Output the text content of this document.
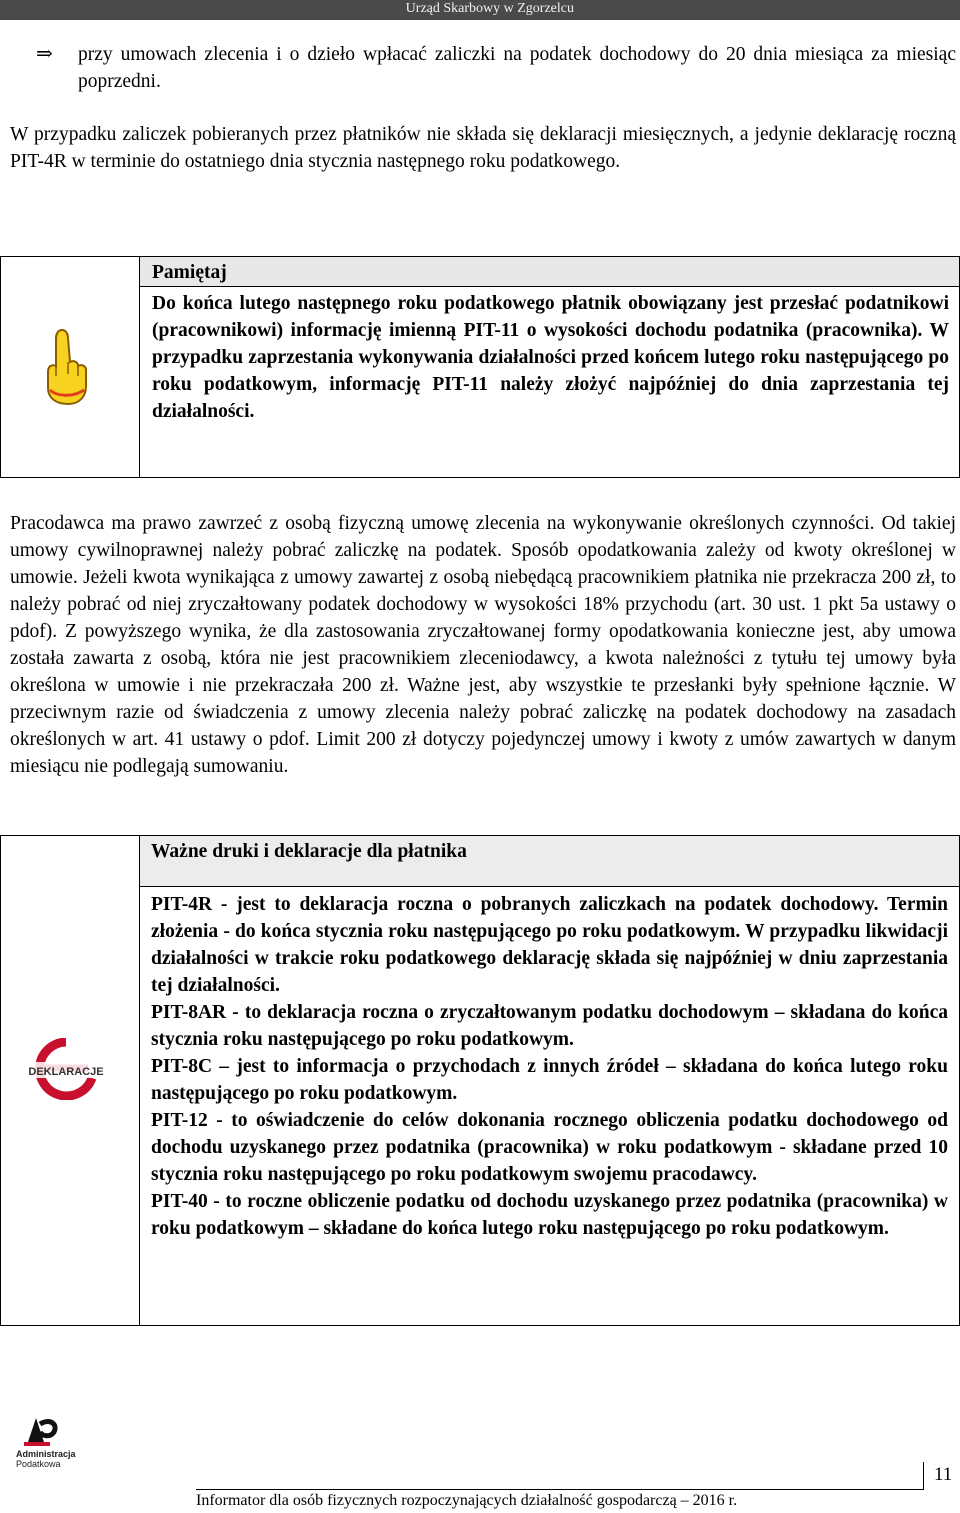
Urząd Skarbowy w Zgorzelcu
⇒	przy umowach zlecenia i o dzieło wpłacać zaliczki na podatek dochodowy do 20 dnia miesiąca za miesiąc poprzedni.
W przypadku zaliczek pobieranych przez płatników nie składa się deklaracji miesięcznych, a jedynie deklarację roczną PIT-4R w terminie do ostatniego dnia stycznia następnego roku podatkowego.
Pamiętaj
Do końca lutego następnego roku podatkowego płatnik obowiązany jest przesłać podatnikowi (pracownikowi) informację imienną PIT-11 o wysokości dochodu podatnika (pracownika). W przypadku zaprzestania wykonywania działalności przed końcem lutego roku następującego po roku podatkowym, informację PIT-11 należy złożyć najpóźniej do dnia zaprzestania tej działalności.
Pracodawca ma prawo zawrzeć z osobą fizyczną umowę zlecenia na wykonywanie określonych czynności. Od takiej umowy cywilnoprawnej należy pobrać zaliczkę na podatek. Sposób opodatkowania zależy od kwoty określonej w umowie. Jeżeli kwota wynikająca z umowy zawartej z osobą niebędącą pracownikiem płatnika nie przekracza 200 zł, to należy pobrać od niej zryczałtowany podatek dochodowy w wysokości 18% przychodu (art. 30 ust. 1 pkt 5a ustawy o pdof). Z powyższego wynika, że dla zastosowania zryczałtowanej formy opodatkowania konieczne jest, aby umowa została zawarta z osobą, która nie jest pracownikiem zleceniodawcy, a kwota należności z tytułu tej umowy była określona w umowie i nie przekraczała 200 zł. Ważne jest, aby wszystkie te przesłanki były spełnione łącznie. W przeciwnym razie od świadczenia z umowy zlecenia należy pobrać zaliczkę na podatek dochodowy na zasadach określonych w art. 41 ustawy o pdof. Limit 200 zł dotyczy pojedynczej umowy i kwoty z umów zawartych w danym miesiącu nie podlegają sumowaniu.
Ważne druki i deklaracje dla płatnika

PIT-4R - jest to deklaracja roczna o pobranych zaliczkach na podatek dochodowy. Termin złożenia - do końca stycznia roku następującego po roku podatkowym. W przypadku likwidacji działalności w trakcie roku podatkowego deklarację składa się najpóźniej w dniu zaprzestania tej działalności.

PIT-8AR - to deklaracja roczna o zryczałtowanym podatku dochodowym – składana do końca stycznia roku następującego po roku podatkowym.

PIT-8C – jest to informacja o przychodach z innych źródeł – składana do końca lutego roku następującego po roku podatkowym.

PIT-12 - to oświadczenie do celów dokonania rocznego obliczenia podatku dochodowego od dochodu uzyskanego przez podatnika (pracownika) w roku podatkowym - składane przed 10 stycznia roku następującego po roku podatkowym swojemu pracodawcy.

PIT-40 - to roczne obliczenie podatku od dochodu uzyskanego przez podatnika (pracownika) w roku podatkowym – składane do końca lutego roku następującego po roku podatkowym.

DEKLARACJE
Administracja
Podatkowa	11
Informator dla osób fizycznych rozpoczynających działalność gospodarczą – 2016 r.
